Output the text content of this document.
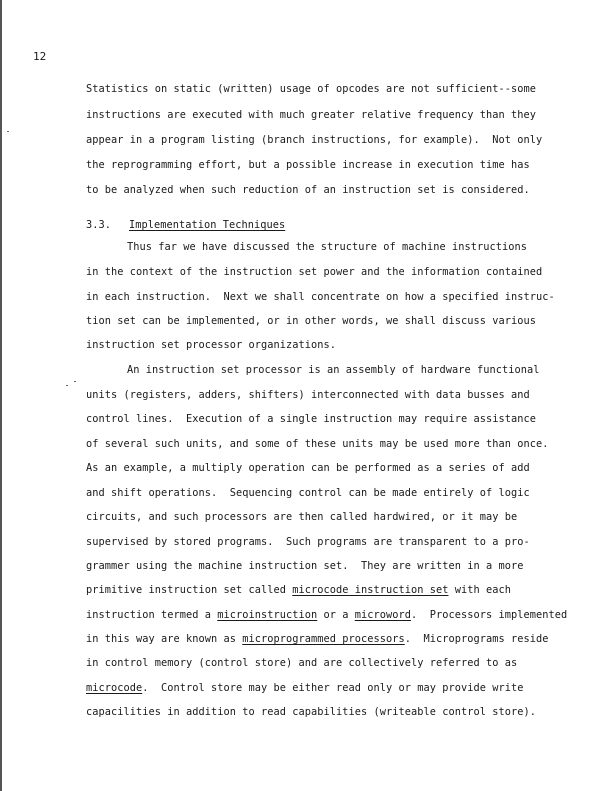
12
Statistics on static (written) usage of opcodes are not sufficient--some
instructions are executed with much greater relative frequency than they
appear in a program listing (branch instructions, for example).  Not only
the reprogramming effort, but a possible increase in execution time has
to be analyzed when such reduction of an instruction set is considered.
3.3. Implementation Techniques
Thus far we have discussed the structure of machine instructions
in the context of the instruction set power and the information contained
in each instruction.  Next we shall concentrate on how a specified instruc-
tion set can be implemented, or in other words, we shall discuss various
instruction set processor organizations.
An instruction set processor is an assembly of hardware functional
units (registers, adders, shifters) interconnected with data busses and
control lines.  Execution of a single instruction may require assistance
of several such units, and some of these units may be used more than once.
As an example, a multiply operation can be performed as a series of add
and shift operations.  Sequencing control can be made entirely of logic
circuits, and such processors are then called hardwired, or it may be
supervised by stored programs.  Such programs are transparent to a pro-
grammer using the machine instruction set.  They are written in a more
primitive instruction set called microcode instruction set with each
instruction termed a microinstruction or a microword.  Processors implemented
in this way are known as microprogrammed processors.  Microprograms reside
in control memory (control store) and are collectively referred to as
microcode.  Control store may be either read only or may provide write
capacilities in addition to read capabilities (writeable control store).
